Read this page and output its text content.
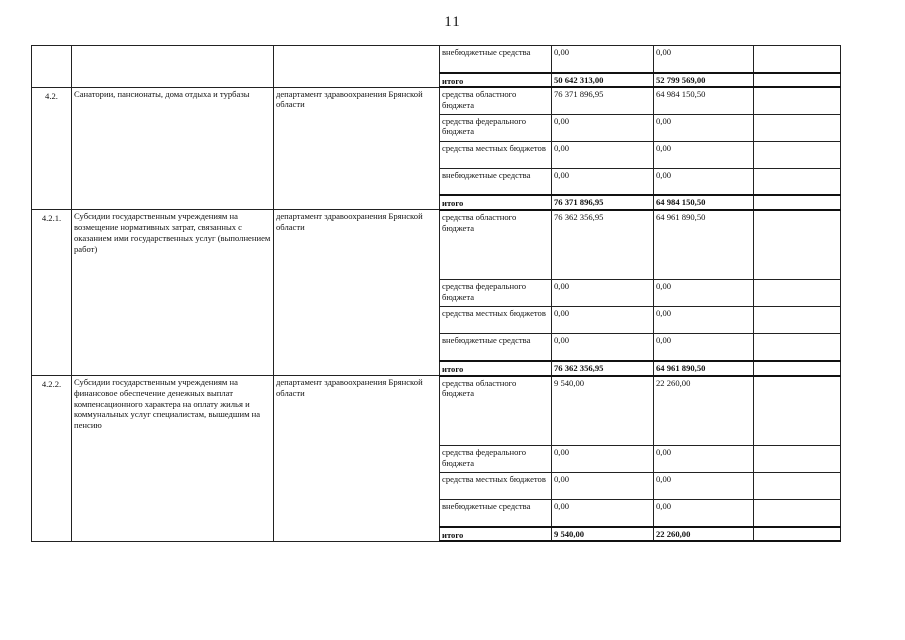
11
			внебюджетные средства	0,00	0,00	
			итого	50 642 313,00	52 799 569,00	
4.2.	Санатории, пансионаты, дома отдыха и турбазы	департамент здравоохранения Брянской области	средства областного бюджета	76 371 896,95	64 984 150,50	
			средства федерального бюджета	0,00	0,00	
			средства местных бюджетов	0,00	0,00	
			внебюджетные средства	0,00	0,00	
			итого	76 371 896,95	64 984 150,50	
4.2.1.	Субсидии государственным учреждениям на возмещение нормативных затрат, связанных с оказанием ими государственных услуг (выполнением работ)	департамент здравоохранения Брянской области	средства областного бюджета	76 362 356,95	64 961 890,50	
			средства федерального бюджета	0,00	0,00	
			средства местных бюджетов	0,00	0,00	
			внебюджетные средства	0,00	0,00	
			итого	76 362 356,95	64 961 890,50	
4.2.2.	Субсидии государственным учреждениям на финансовое обеспечение денежных выплат компенсационного характера на оплату жилья и коммунальных услуг специалистам, вышедшим на пенсию	департамент здравоохранения Брянской области	средства областного бюджета	9 540,00	22 260,00	
			средства федерального бюджета	0,00	0,00	
			средства местных бюджетов	0,00	0,00	
			внебюджетные средства	0,00	0,00	
			итого	9 540,00	22 260,00	
